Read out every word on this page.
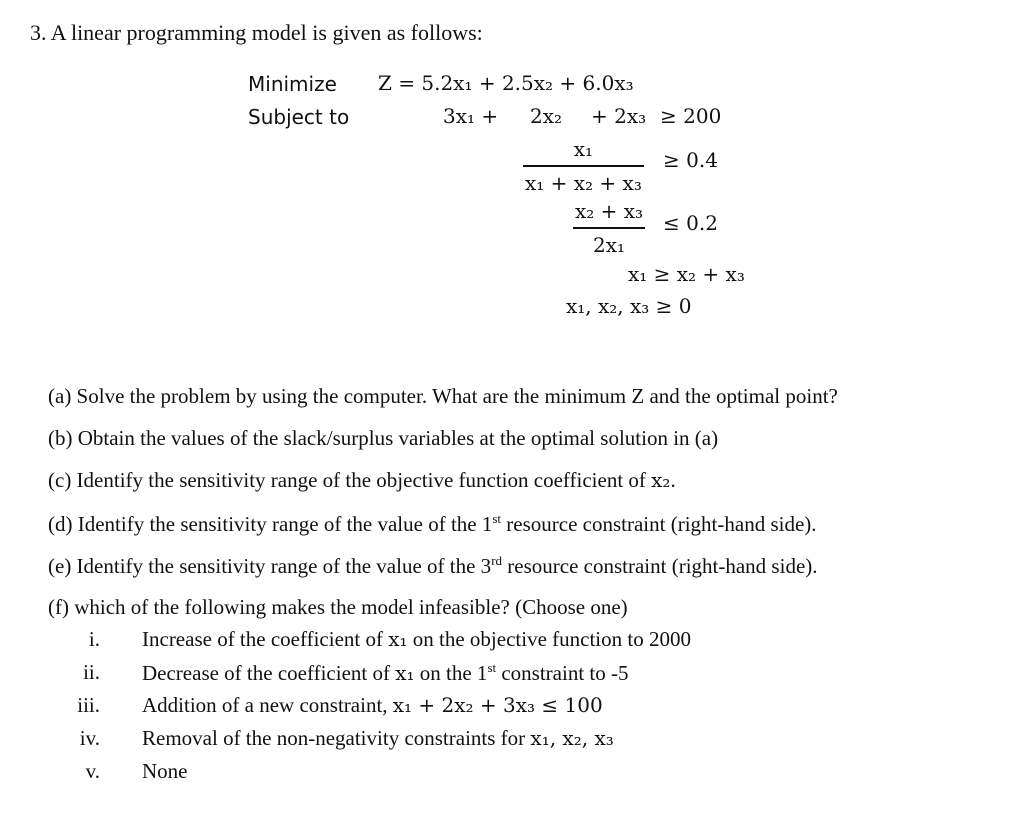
3. A linear programming model is given as follows:
Minimize Z = 5.2x₁ + 2.5x₂ + 6.0x₃
Subject to	3x₁ + 2x₂ + 2x₃ ≥ 200
x₁
x₁ + x₂ + x₃
≥ 0.4
x₂ + x₃
2x₁
≤ 0.2
x₁ ≥ x₂ + x₃
x₁, x₂, x₃ ≥ 0
(a) Solve the problem by using the computer. What are the minimum Z and the optimal point?
(b) Obtain the values of the slack/surplus variables at the optimal solution in (a)
(c) Identify the sensitivity range of the objective function coefficient of x₂.
(d) Identify the sensitivity range of the value of the 1st resource constraint (right-hand side).
(e) Identify the sensitivity range of the value of the 3rd resource constraint (right-hand side).
(f) which of the following makes the model infeasible? (Choose one)
i. Increase of the coefficient of x₁ on the objective function to 2000
ii. Decrease of the coefficient of x₁ on the 1st constraint to -5
iii. Addition of a new constraint, x₁ + 2x₂ + 3x₃ ≤ 100
iv. Removal of the non-negativity constraints for x₁, x₂, x₃
v. None
